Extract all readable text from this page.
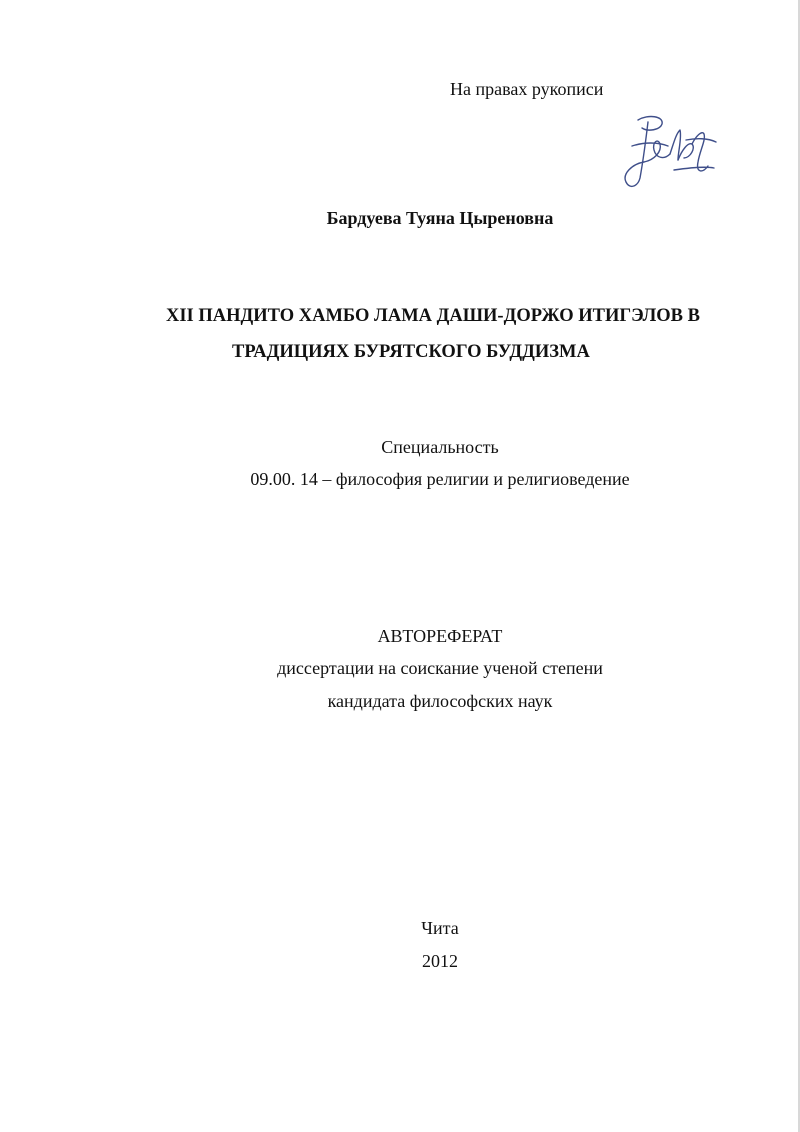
На правах рукописи
Бардуева Туяна Цыреновна
XII ПАНДИТО ХАМБО ЛАМА ДАШИ-ДОРЖО ИТИГЭЛОВ В
ТРАДИЦИЯХ БУРЯТСКОГО БУДДИЗМА
Специальность
09.00. 14 – философия религии и религиоведение
АВТОРЕФЕРАТ
диссертации на соискание ученой степени
кандидата философских наук
Чита
2012
